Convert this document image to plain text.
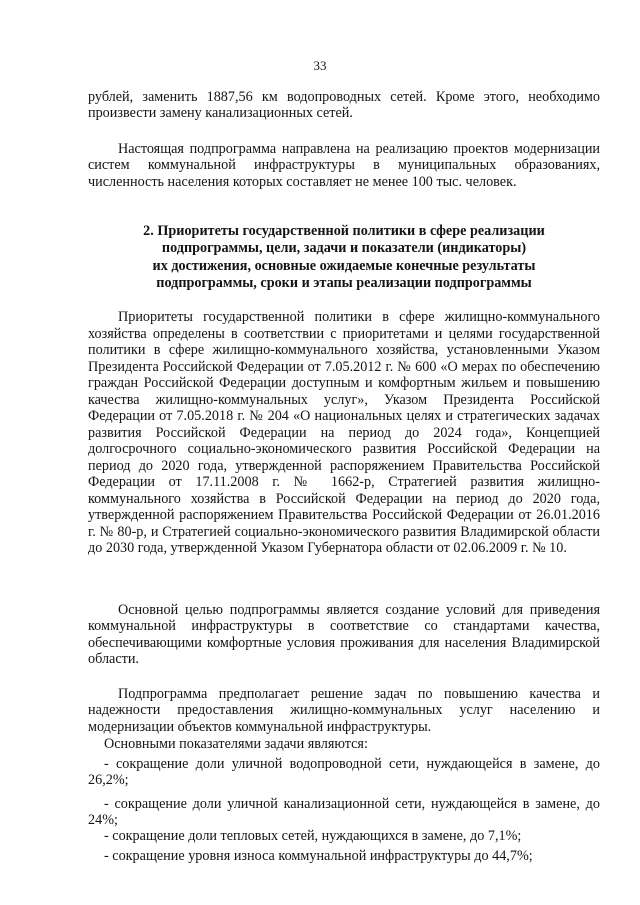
33

рублей, заменить 1887,56 км водопроводных сетей. Кроме этого, необходимо произвести замену канализационных сетей.

Настоящая подпрограмма направлена на реализацию проектов модернизации систем коммунальной инфраструктуры в муниципальных образованиях, численность населения которых составляет не менее 100 тыс. человек.

2. Приоритеты государственной политики в сфере реализации
подпрограммы, цели, задачи и показатели (индикаторы)
их достижения, основные ожидаемые конечные результаты
подпрограммы, сроки и этапы реализации подпрограммы

Приоритеты государственной политики в сфере жилищно-коммунального хозяйства определены в соответствии с приоритетами и целями государственной политики в сфере жилищно-коммунального хозяйства, установленными Указом Президента Российской Федерации от 7.05.2012 г. № 600 «О мерах по обеспечению граждан Российской Федерации доступным и комфортным жильем и повышению качества жилищно-коммунальных услуг», Указом Президента Российской Федерации от 7.05.2018 г. № 204 «О национальных целях и стратегических задачах развития Российской Федерации на период до 2024 года», Концепцией долгосрочного социально-экономического развития Российской Федерации на период до 2020 года, утвержденной распоряжением Правительства Российской Федерации от 17.11.2008 г. № 1662-р, Стратегией развития жилищно-коммунального хозяйства в Российской Федерации на период до 2020 года, утвержденной распоряжением Правительства Российской Федерации от 26.01.2016 г. № 80-р, и Стратегией социально-экономического развития Владимирской области до 2030 года, утвержденной Указом Губернатора области от 02.06.2009 г. № 10.

Основной целью подпрограммы является создание условий для приведения коммунальной инфраструктуры в соответствие со стандартами качества, обеспечивающими комфортные условия проживания для населения Владимирской области.

Подпрограмма предполагает решение задач по повышению качества и надежности предоставления жилищно-коммунальных услуг населению и модернизации объектов коммунальной инфраструктуры.

Основными показателями задачи являются:

- сокращение доли уличной водопроводной сети, нуждающейся в замене, до 26,2%;

- сокращение доли уличной канализационной сети, нуждающейся в замене, до 24%;

- сокращение доли тепловых сетей, нуждающихся в замене, до 7,1%;

- сокращение уровня износа коммунальной инфраструктуры до 44,7%;
